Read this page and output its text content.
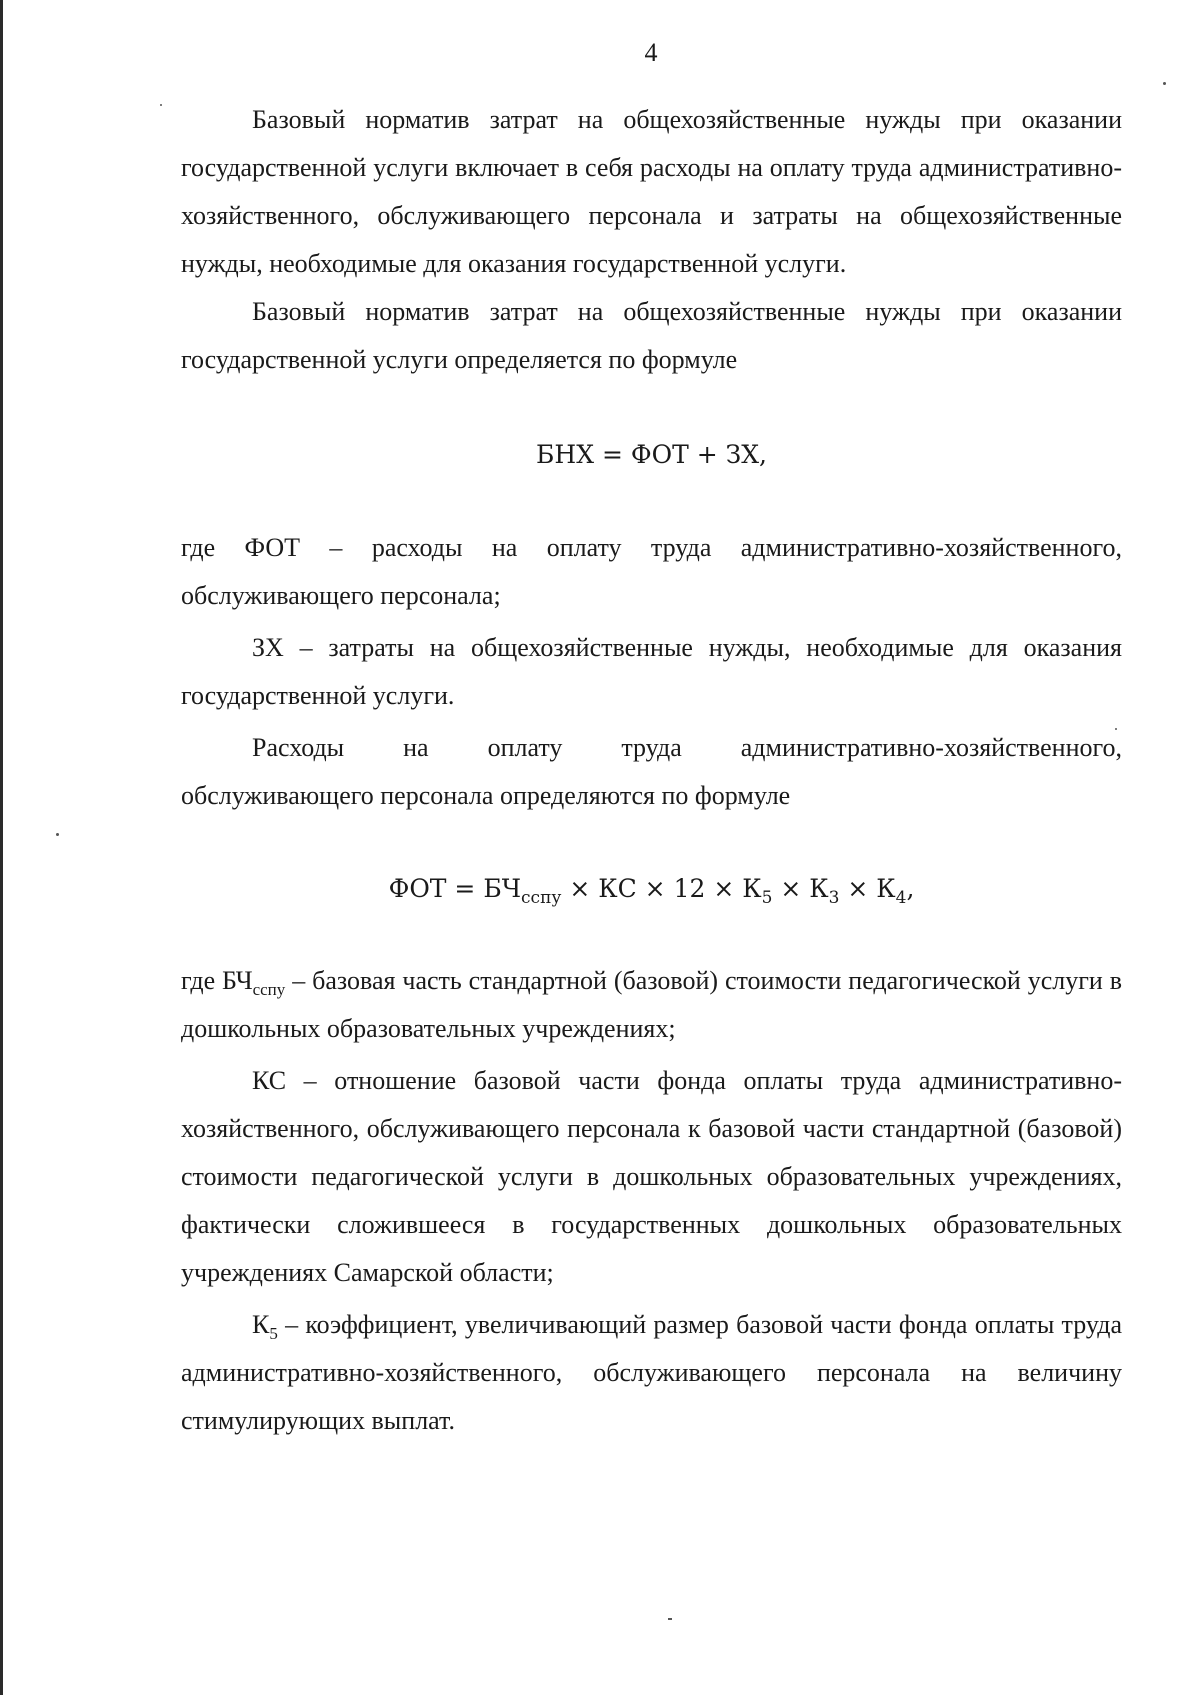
4

Базовый норматив затрат на общехозяйственные нужды при оказании государственной услуги включает в себя расходы на оплату труда административно-хозяйственного, обслуживающего персонала и затраты на общехозяйственные нужды, необходимые для оказания государственной услуги.

Базовый норматив затрат на общехозяйственные нужды при оказании государственной услуги определяется по формуле

БНХ = ФОТ + ЗХ,

где ФОТ – расходы на оплату труда административно-хозяйственного, обслуживающего персонала;

ЗХ – затраты на общехозяйственные нужды, необходимые для оказания государственной услуги.

Расходы на оплату труда административно-хозяйственного,

обслуживающего персонала определяются по формуле

ФОТ = $БЧ_{сспу}$ × КС × $12 \times К_5 \times К_3 \times К_4$,

где $БЧ_{сспу}$ – базовая часть стандартной (базовой) стоимости педагогической услуги в дошкольных образовательных учреждениях;

КС – отношение базовой части фонда оплаты труда административно-хозяйственного, обслуживающего персонала к базовой части стандартной (базовой) стоимости педагогической услуги в дошкольных образовательных учреждениях, фактически сложившееся в государственных дошкольных образовательных учреждениях Самарской области;

$К_5$ – коэффициент, увеличивающий размер базовой части фонда оплаты труда административно-хозяйственного, обслуживающего персонала на величину стимулирующих выплат.
